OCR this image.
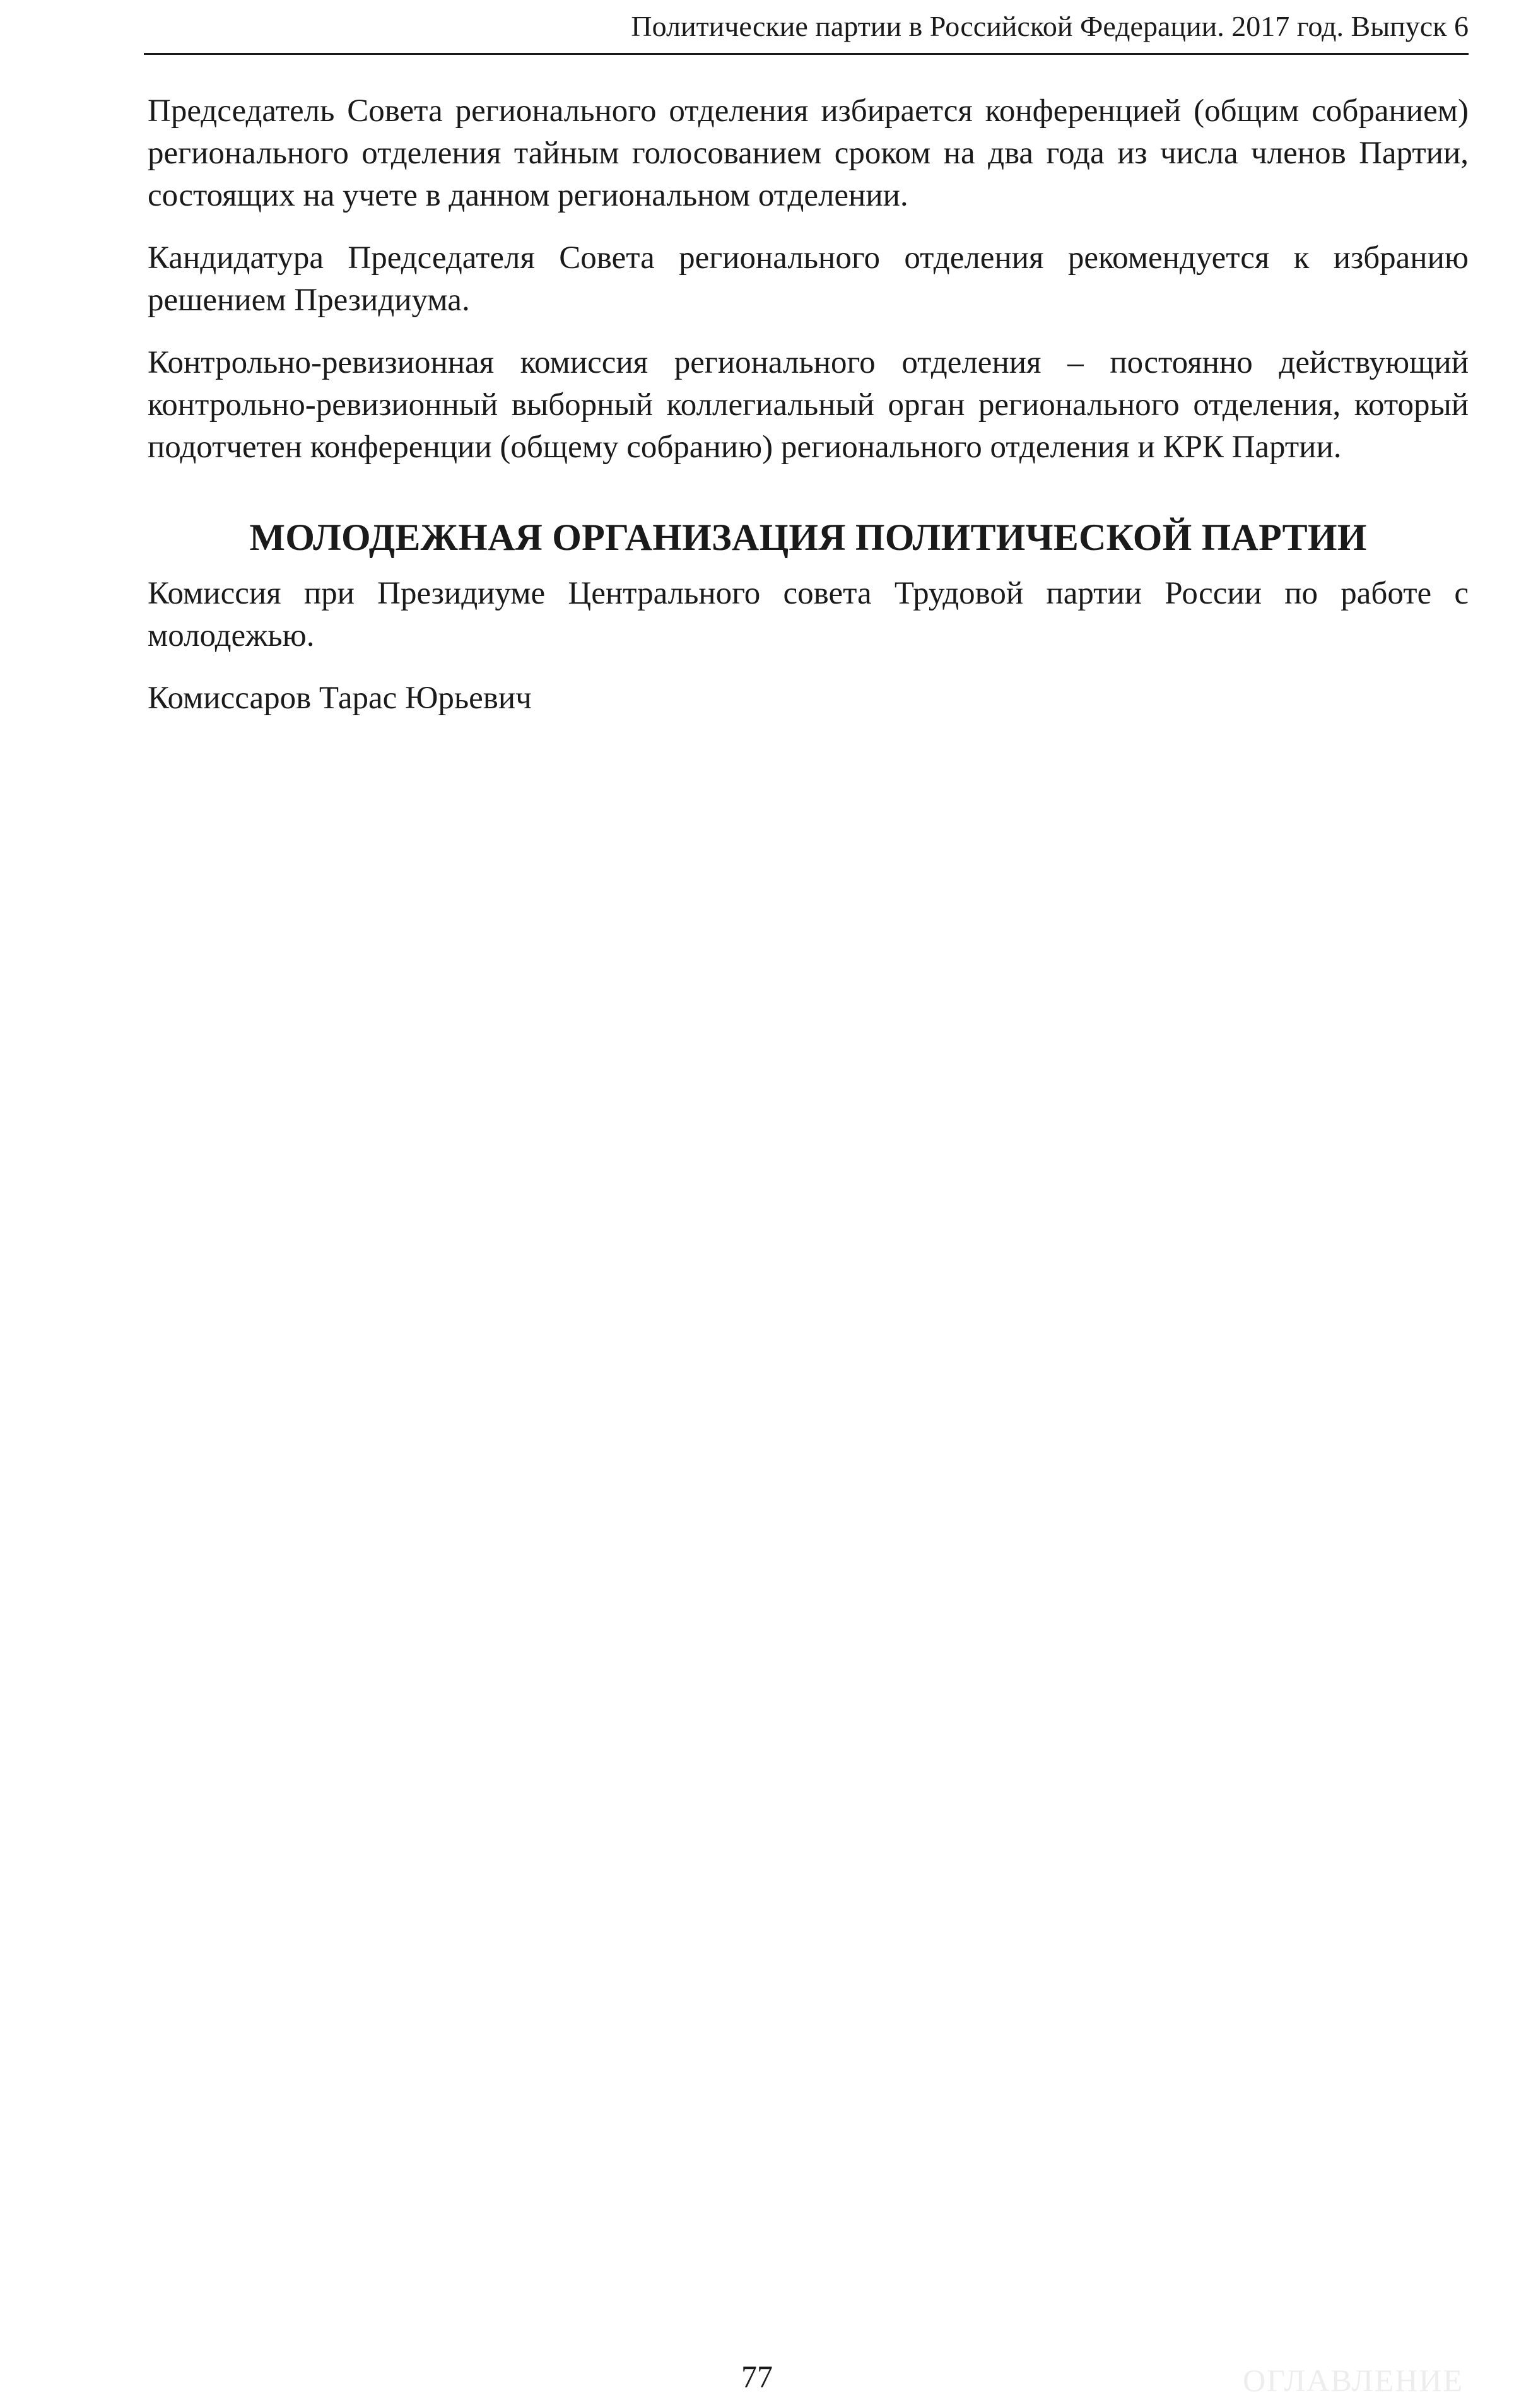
Политические партии в Российской Федерации. 2017 год. Выпуск 6

Председатель Совета регионального отделения избирается конференцией (общим собранием) регионального отделения тайным голосованием сроком на два года из числа членов Партии, состоящих на учете в данном региональном отделении.

Кандидатура Председателя Совета регионального отделения рекомендуется к избранию решением Президиума.

Контрольно-ревизионная комиссия регионального отделения – постоянно действующий контрольно-ревизионный выборный коллегиальный орган регионального отделения, который подотчетен конференции (общему собранию) регионального отделения и КРК Партии.

МОЛОДЕЖНАЯ ОРГАНИЗАЦИЯ ПОЛИТИЧЕСКОЙ ПАРТИИ

Комиссия при Президиуме Центрального совета Трудовой партии России по работе с молодежью.

Комиссаров Тарас Юрьевич

77	ОГЛАВЛЕНИЕ
